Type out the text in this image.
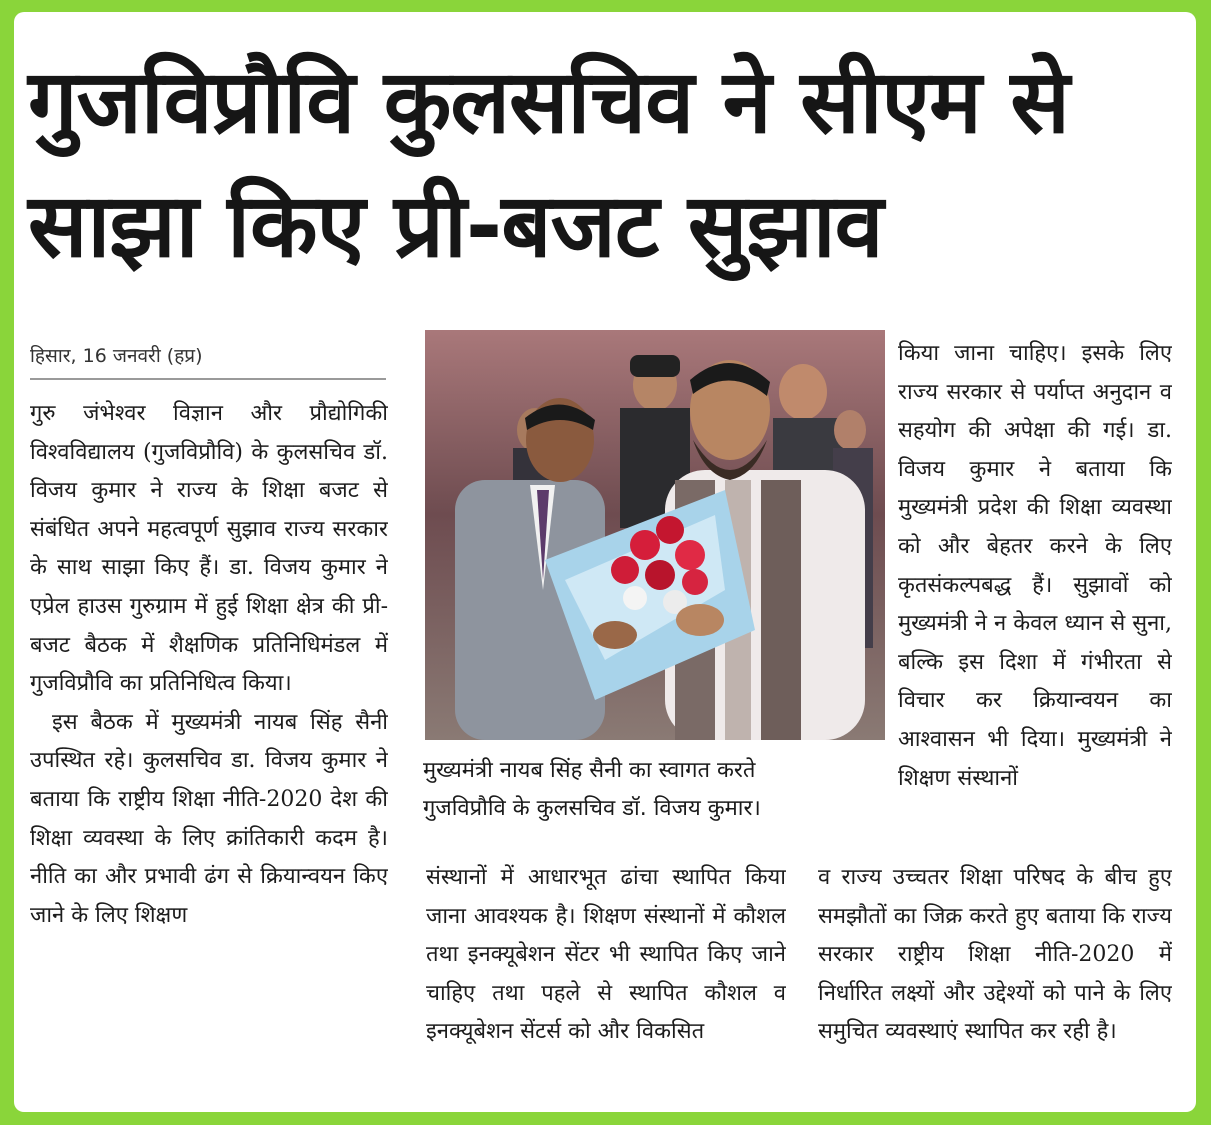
गुजविप्रौवि कुलसचिव ने सीएम से
साझा किए प्री-बजट सुझाव
हिसार, 16 जनवरी (हप्र)

गुरु जंभेश्वर विज्ञान और प्रौद्योगिकी विश्वविद्यालय (गुजविप्रौवि) के कुलसचिव डॉ. विजय कुमार ने राज्य के शिक्षा बजट से संबंधित अपने महत्वपूर्ण सुझाव राज्य सरकार के साथ साझा किए हैं। डा. विजय कुमार ने एप्रेल हाउस गुरुग्राम में हुई शिक्षा क्षेत्र की प्री-बजट बैठक में शैक्षणिक प्रतिनिधिमंडल में गुजविप्रौवि का प्रतिनिधित्व किया।

इस बैठक में मुख्यमंत्री नायब सिंह सैनी उपस्थित रहे। कुलसचिव डा. विजय कुमार ने बताया कि राष्ट्रीय शिक्षा नीति-2020 देश की शिक्षा व्यवस्था के लिए क्रांतिकारी कदम है। नीति का और प्रभावी ढंग से क्रियान्वयन किए जाने के लिए शिक्षण

मुख्यमंत्री नायब सिंह सैनी का स्वागत करते
गुजविप्रौवि के कुलसचिव डॉ. विजय कुमार।

किया जाना चाहिए। इसके लिए राज्य सरकार से पर्याप्त अनुदान व सहयोग की अपेक्षा की गई। डा. विजय कुमार ने बताया कि मुख्यमंत्री प्रदेश की शिक्षा व्यवस्था को और बेहतर करने के लिए कृतसंकल्पबद्ध हैं। सुझावों को मुख्यमंत्री ने न केवल ध्यान से सुना, बल्कि इस दिशा में गंभीरता से विचार कर क्रियान्वयन का आश्वासन भी दिया। मुख्यमंत्री ने शिक्षण संस्थानों

संस्थानों में आधारभूत ढांचा स्थापित किया जाना आवश्यक है। शिक्षण संस्थानों में कौशल तथा इनक्यूबेशन सेंटर भी स्थापित किए जाने चाहिए तथा पहले से स्थापित कौशल व इनक्यूबेशन सेंटर्स को और विकसित

व राज्य उच्चतर शिक्षा परिषद के बीच हुए समझौतों का जिक्र करते हुए बताया कि राज्य सरकार राष्ट्रीय शिक्षा नीति-2020 में निर्धारित लक्ष्यों और उद्देश्यों को पाने के लिए समुचित व्यवस्थाएं स्थापित कर रही है।
